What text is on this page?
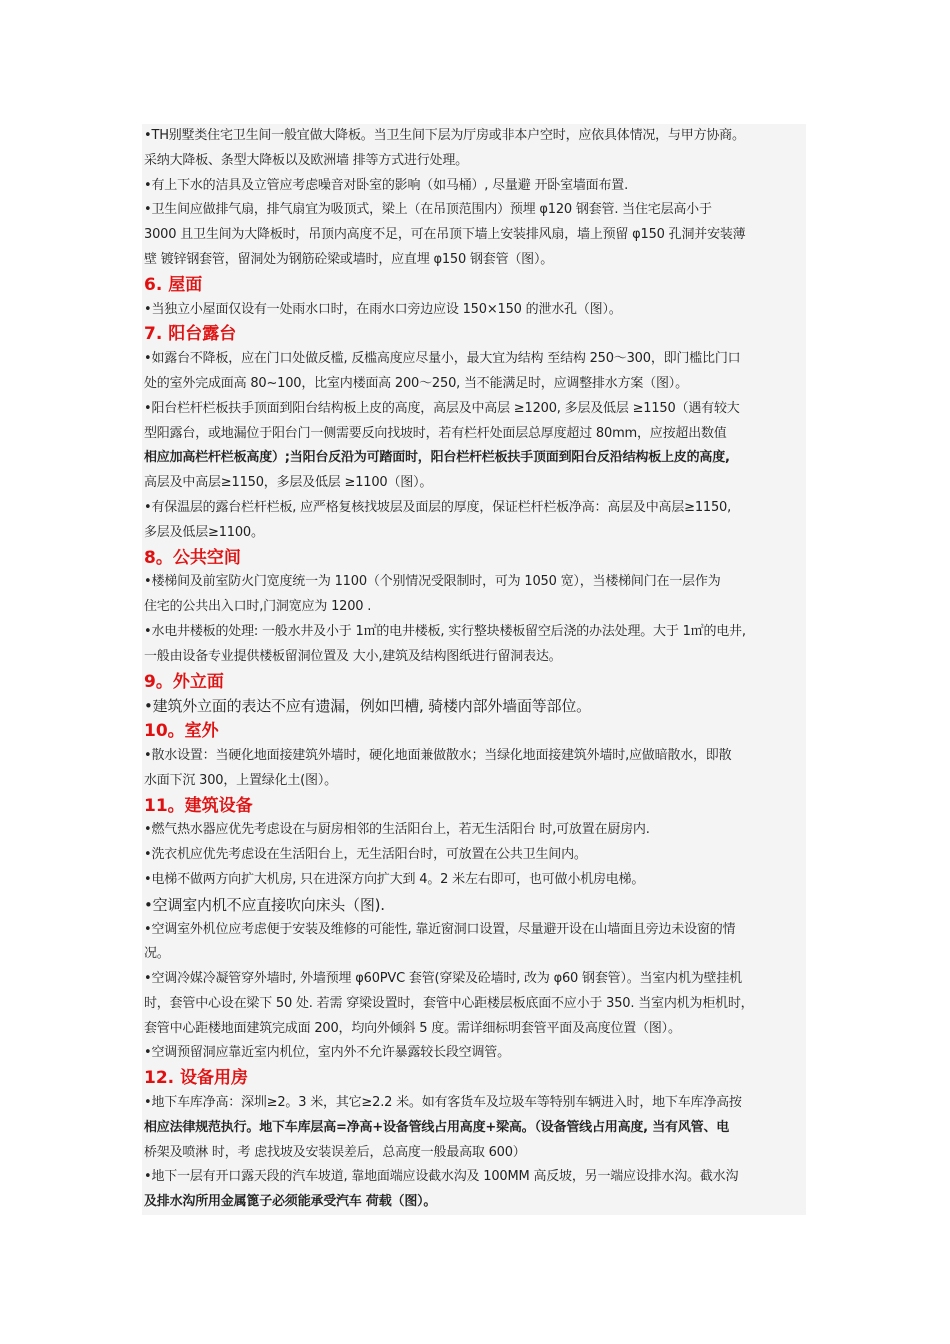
•TH别墅类住宅卫生间一般宜做大降板。当卫生间下层为厅房或非本户空时，应依具体情况，与甲方协商。
采纳大降板、条型大降板以及欧洲墙 排等方式进行处理。
•有上下水的洁具及立管应考虑噪音对卧室的影响（如马桶）, 尽量避 开卧室墙面布置.
•卫生间应做排气扇，排气扇宜为吸顶式，梁上（在吊顶范围内）预埋 φ120 钢套管. 当住宅层高小于
3000 且卫生间为大降板时，吊顶内高度不足，可在吊顶下墙上安装排风扇，墙上预留 φ150 孔洞并安装薄
壁 镀锌钢套管，留洞处为钢筋砼梁或墙时，应直埋 φ150 钢套管（图）。
6. 屋面
•当独立小屋面仅设有一处雨水口时，在雨水口旁边应设 150×150 的泄水孔（图）。
7. 阳台露台
•如露台不降板，应在门口处做反槛, 反槛高度应尽量小，最大宜为结构 至结构 250～300，即门槛比门口
处的室外完成面高 80~100，比室内楼面高 200～250, 当不能满足时，应调整排水方案（图）。
•阳台栏杆栏板扶手顶面到阳台结构板上皮的高度，高层及中高层 ≥1200, 多层及低层 ≥1150（遇有较大
型阳露台，或地漏位于阳台门一侧需要反向找坡时，若有栏杆处面层总厚度超过 80mm，应按超出数值
相应加高栏杆栏板高度）;当阳台反沿为可踏面时，阳台栏杆栏板扶手顶面到阳台反沿结构板上皮的高度,
高层及中高层≥1150，多层及低层 ≥1100（图）。
•有保温层的露台栏杆栏板, 应严格复核找坡层及面层的厚度，保证栏杆栏板净高：高层及中高层≥1150,
多层及低层≥1100。
8。公共空间
•楼梯间及前室防火门宽度统一为 1100（个别情况受限制时，可为 1050 宽），当楼梯间门在一层作为
住宅的公共出入口时,门洞宽应为 1200 .
•水电井楼板的处理: 一般水井及小于 1㎡的电井楼板, 实行整块楼板留空后浇的办法处理。大于 1㎡的电井,
一般由设备专业提供楼板留洞位置及 大小,建筑及结构图纸进行留洞表达。
9。外立面
•建筑外立面的表达不应有遗漏，例如凹槽, 骑楼内部外墙面等部位。
10。室外
•散水设置：当硬化地面接建筑外墙时，硬化地面兼做散水；当绿化地面接建筑外墙时,应做暗散水，即散
水面下沉 300，上置绿化土(图）。
11。建筑设备
•燃气热水器应优先考虑设在与厨房相邻的生活阳台上，若无生活阳台 时,可放置在厨房内.
•洗衣机应优先考虑设在生活阳台上，无生活阳台时，可放置在公共卫生间内。
•电梯不做两方向扩大机房, 只在进深方向扩大到 4。2 米左右即可，也可做小机房电梯。
•空调室内机不应直接吹向床头（图).
•空调室外机位应考虑便于安装及维修的可能性, 靠近窗洞口设置，尽量避开设在山墙面且旁边未设窗的情
况。
•空调冷媒冷凝管穿外墙时, 外墙预埋 φ60PVC 套管(穿梁及砼墙时, 改为 φ60 钢套管）。当室内机为壁挂机
时，套管中心设在梁下 50 处. 若需 穿梁设置时，套管中心距楼层板底面不应小于 350. 当室内机为柜机时，
套管中心距楼地面建筑完成面 200，均向外倾斜 5 度。需详细标明套管平面及高度位置（图）。
•空调预留洞应靠近室内机位，室内外不允许暴露较长段空调管。
12. 设备用房
•地下车库净高：深圳≥2。3 米，其它≥2.2 米。如有客货车及垃圾车等特别车辆进入时，地下车库净高按
相应法律规范执行。地下车库层高=净高+设备管线占用高度+梁高。（设备管线占用高度, 当有风管、电
桥架及喷淋 时，考 虑找坡及安装误差后，总高度一般最高取 600）
•地下一层有开口露天段的汽车坡道, 靠地面端应设截水沟及 100MM 高反坡，另一端应设排水沟。截水沟
及排水沟所用金属篦子必须能承受汽车 荷载（图）。
